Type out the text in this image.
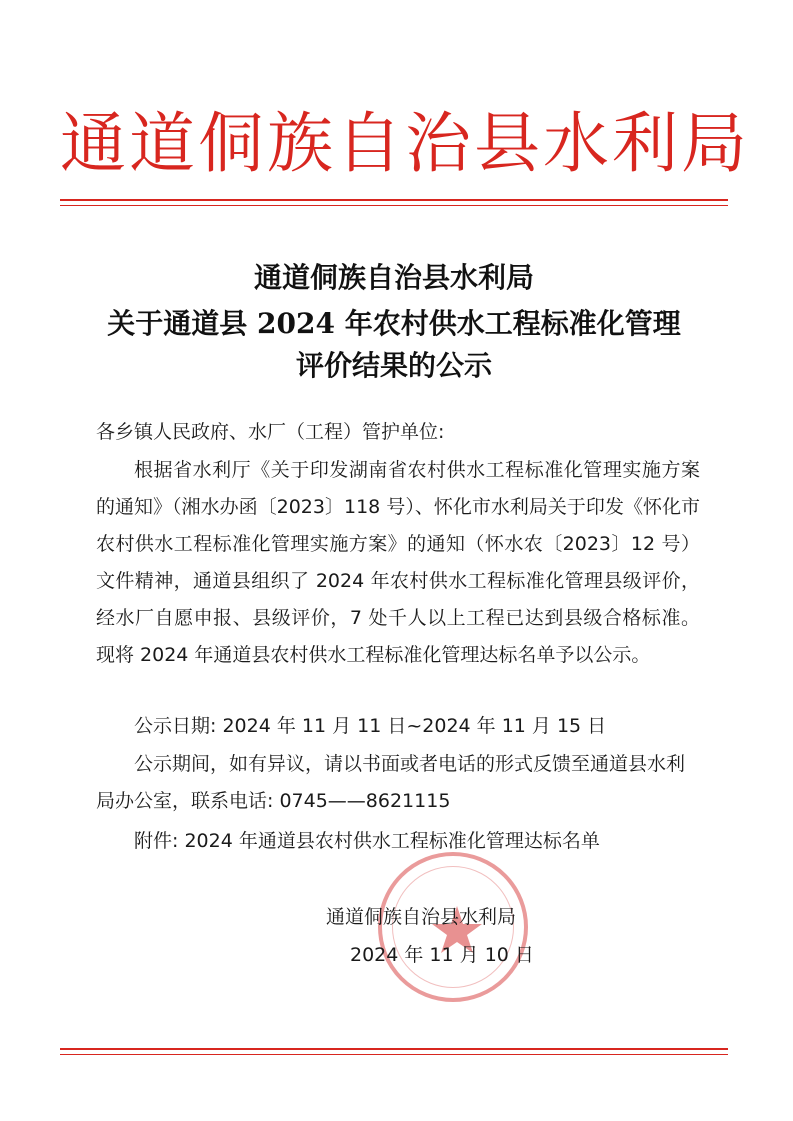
通道侗族自治县水利局
通道侗族自治县水利局
关于通道县 2024 年农村供水工程标准化管理
评价结果的公示
各乡镇人民政府、水厂（工程）管护单位:
根据省水利厅《关于印发湖南省农村供水工程标准化管理实施方案的通知》（湘水办函〔2023〕118 号）、怀化市水利局关于印发《怀化市农村供水工程标准化管理实施方案》的通知（怀水农〔2023〕12 号）文件精神，通道县组织了 2024 年农村供水工程标准化管理县级评价，经水厂自愿申报、县级评价，7 处千人以上工程已达到县级合格标准。现将 2024 年通道县农村供水工程标准化管理达标名单予以公示。
公示日期: 2024 年 11 月 11 日~2024 年 11 月 15 日
公示期间，如有异议，请以书面或者电话的形式反馈至通道县水利局办公室，联系电话: 0745——8621115
附件: 2024 年通道县农村供水工程标准化管理达标名单
通道侗族自治县水利局
2024 年 11 月 10 日
